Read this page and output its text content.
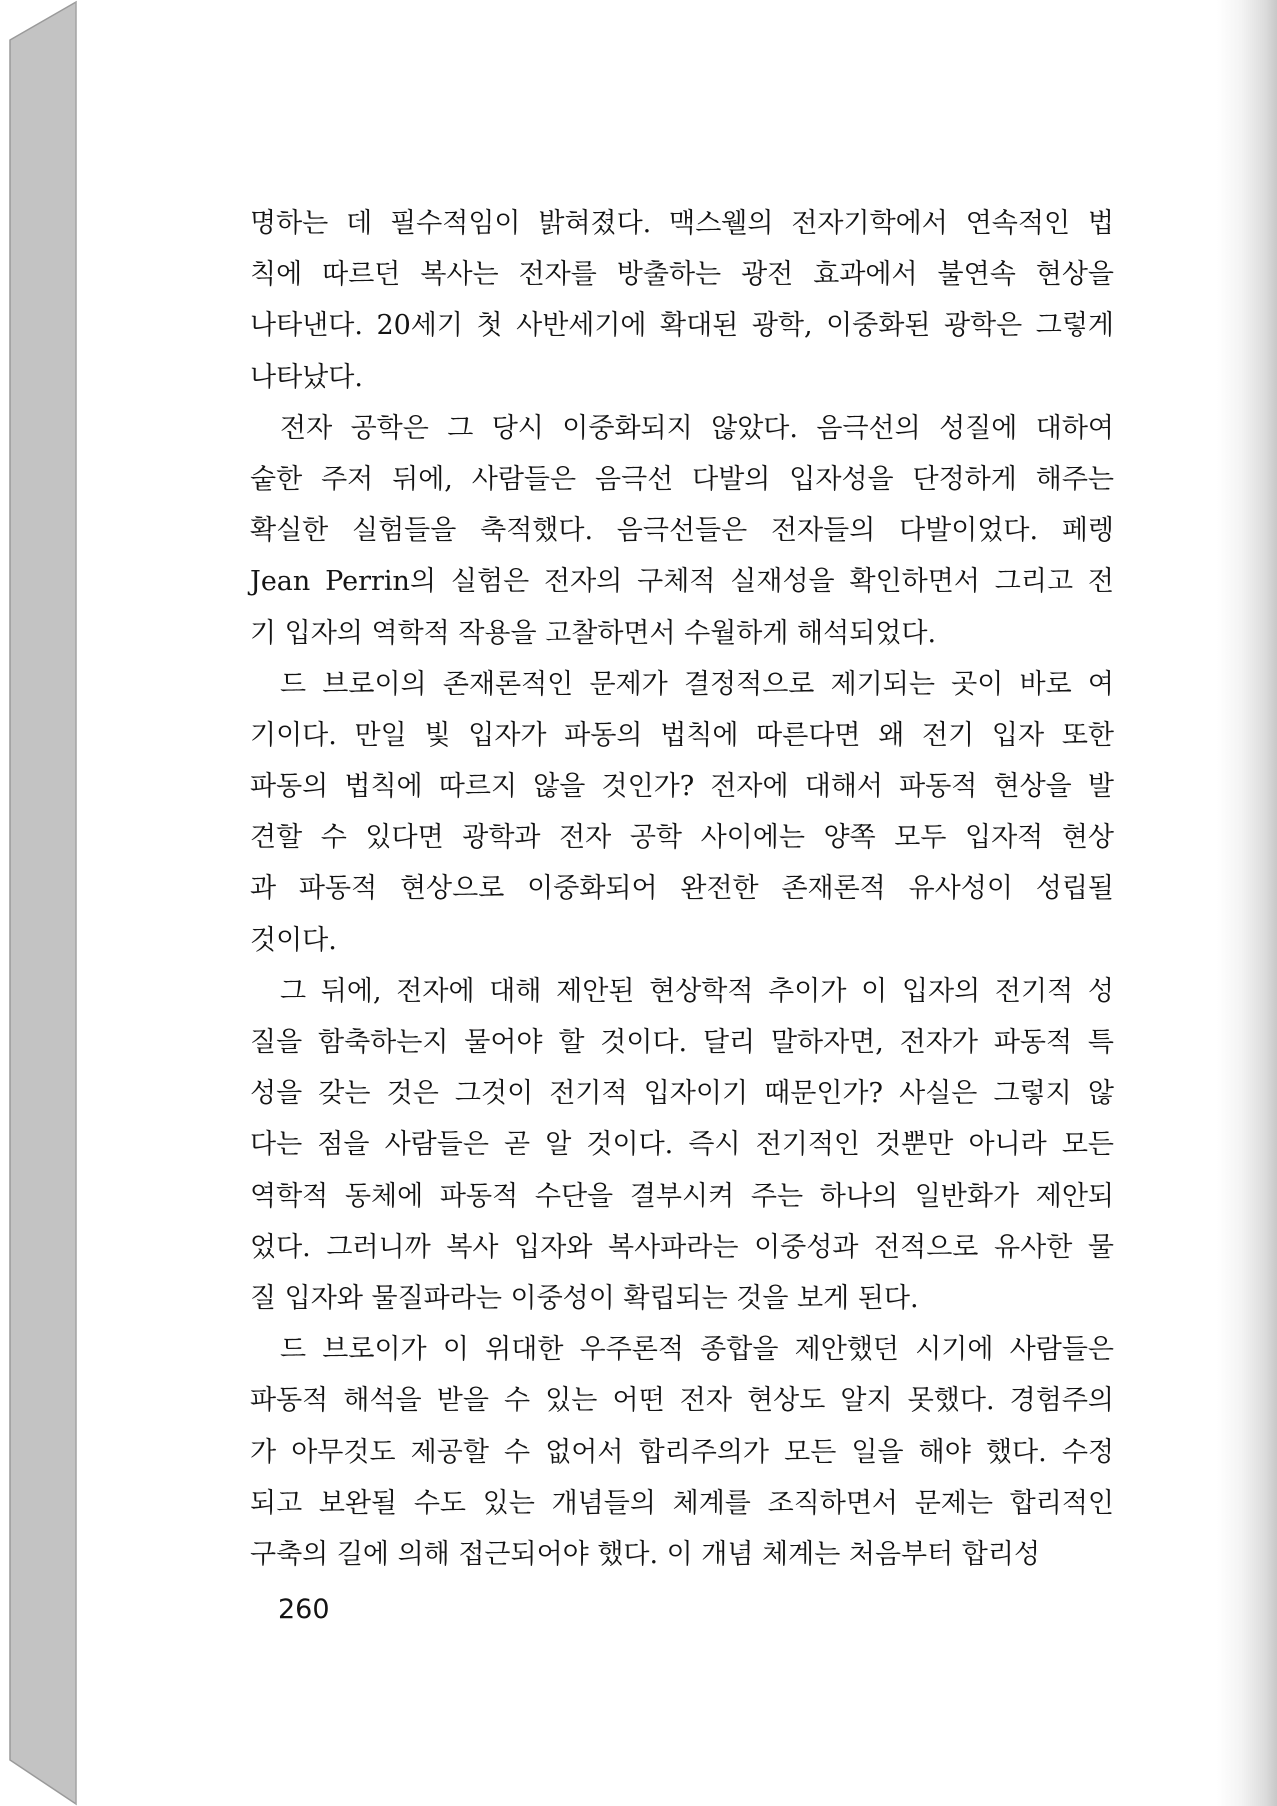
명하는 데 필수적임이 밝혀졌다. 맥스웰의 전자기학에서 연속적인 법
칙에 따르던 복사는 전자를 방출하는 광전 효과에서 불연속 현상을
나타낸다. 20세기 첫 사반세기에 확대된 광학, 이중화된 광학은 그렇게
나타났다.
전자 공학은 그 당시 이중화되지 않았다. 음극선의 성질에 대하여
숱한 주저 뒤에, 사람들은 음극선 다발의 입자성을 단정하게 해주는
확실한 실험들을 축적했다. 음극선들은 전자들의 다발이었다. 페렝
Jean Perrin의 실험은 전자의 구체적 실재성을 확인하면서 그리고 전
기 입자의 역학적 작용을 고찰하면서 수월하게 해석되었다.
드 브로이의 존재론적인 문제가 결정적으로 제기되는 곳이 바로 여
기이다. 만일 빛 입자가 파동의 법칙에 따른다면 왜 전기 입자 또한
파동의 법칙에 따르지 않을 것인가? 전자에 대해서 파동적 현상을 발
견할 수 있다면 광학과 전자 공학 사이에는 양쪽 모두 입자적 현상
과 파동적 현상으로 이중화되어 완전한 존재론적 유사성이 성립될
것이다.
그 뒤에, 전자에 대해 제안된 현상학적 추이가 이 입자의 전기적 성
질을 함축하는지 물어야 할 것이다. 달리 말하자면, 전자가 파동적 특
성을 갖는 것은 그것이 전기적 입자이기 때문인가? 사실은 그렇지 않
다는 점을 사람들은 곧 알 것이다. 즉시 전기적인 것뿐만 아니라 모든
역학적 동체에 파동적 수단을 결부시켜 주는 하나의 일반화가 제안되
었다. 그러니까 복사 입자와 복사파라는 이중성과 전적으로 유사한 물
질 입자와 물질파라는 이중성이 확립되는 것을 보게 된다.
드 브로이가 이 위대한 우주론적 종합을 제안했던 시기에 사람들은
파동적 해석을 받을 수 있는 어떤 전자 현상도 알지 못했다. 경험주의
가 아무것도 제공할 수 없어서 합리주의가 모든 일을 해야 했다. 수정
되고 보완될 수도 있는 개념들의 체계를 조직하면서 문제는 합리적인
구축의 길에 의해 접근되어야 했다. 이 개념 체계는 처음부터 합리성
260
